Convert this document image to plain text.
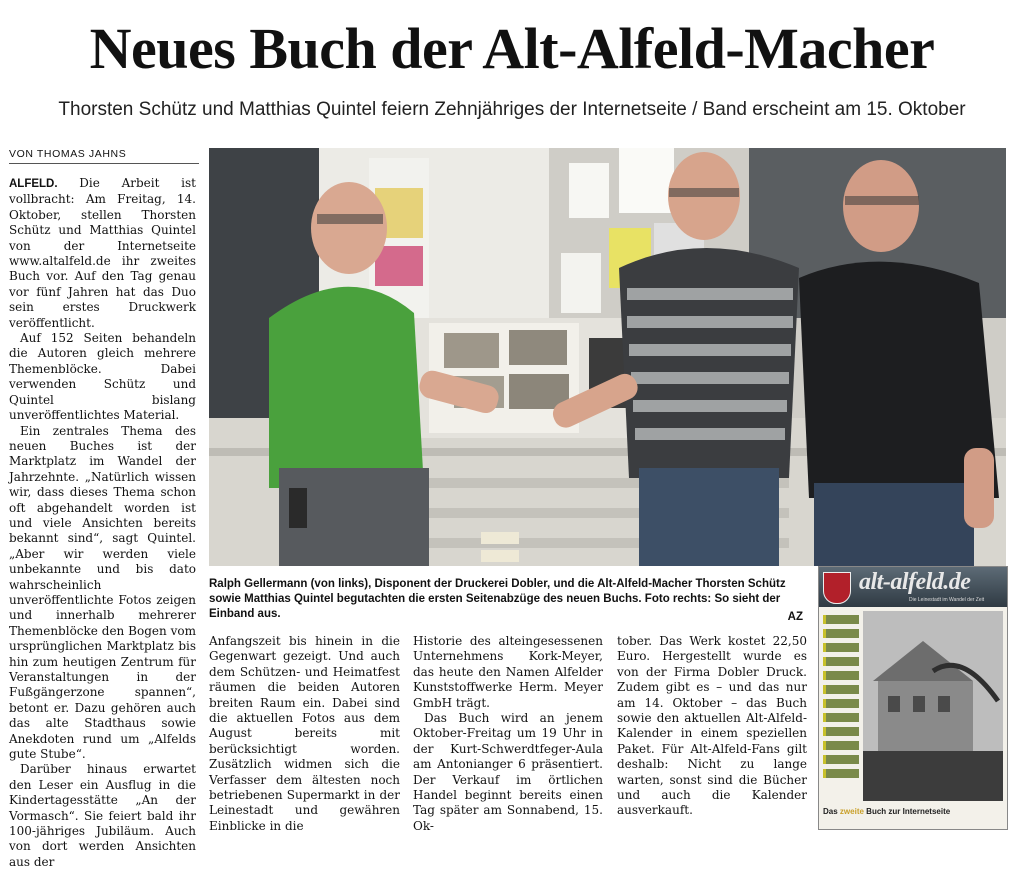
Neues Buch der Alt-Alfeld-Macher

Thorsten Schütz und Matthias Quintel feiern Zehnjähriges der Internetseite / Band erscheint am 15. Oktober

VON THOMAS JAHNS

ALFELD. Die Arbeit ist vollbracht: Am Freitag, 14. Oktober, stellen Thorsten Schütz und Matthias Quintel von der Internetseite www.altalfeld.de ihr zweites Buch vor. Auf den Tag genau vor fünf Jahren hat das Duo sein erstes Druckwerk veröffentlicht.

Auf 152 Seiten behandeln die Autoren gleich mehrere Themenblöcke. Dabei verwenden Schütz und Quintel bislang unveröffentlichtes Material.

Ein zentrales Thema des neuen Buches ist der Marktplatz im Wandel der Jahrzehnte. „Natürlich wissen wir, dass dieses Thema schon oft abgehandelt worden ist und viele Ansichten bereits bekannt sind“, sagt Quintel. „Aber wir werden viele unbekannte und bis dato wahrscheinlich unveröffentlichte Fotos zeigen und innerhalb mehrerer Themenblöcke den Bogen vom ursprünglichen Marktplatz bis hin zum heutigen Zentrum für Veranstaltungen in der Fußgängerzone spannen“, betont er. Dazu gehören auch das alte Stadthaus sowie Anekdoten rund um „Alfelds gute Stube“.

Darüber hinaus erwartet den Leser ein Ausflug in die Kindertagesstätte „An der Vormasch“. Sie feiert bald ihr 100-jähriges Jubiläum. Auch von dort werden Ansichten aus der

Ralph Gellermann (von links), Disponent der Druckerei Dobler, und die Alt-Alfeld-Macher Thorsten Schütz sowie Matthias Quintel begutachten die ersten Seitenabzüge des neuen Buchs. Foto rechts: So sieht der Einband aus.	AZ

Anfangszeit bis hinein in die Gegenwart gezeigt. Und auch dem Schützen- und Heimatfest räumen die beiden Autoren breiten Raum ein. Dabei sind die aktuellen Fotos aus dem August bereits mit berücksichtigt worden. Zusätzlich widmen sich die Verfasser dem ältesten noch betriebenen Supermarkt in der Leinestadt und gewähren Einblicke in die

Historie des alteingesessenen Unternehmens Kork-Meyer, das heute den Namen Alfelder Kunststoffwerke Herm. Meyer GmbH trägt.

Das Buch wird an jenem Oktober-Freitag um 19 Uhr in der Kurt-Schwerdtfeger-Aula am Antonianger 6 präsentiert. Der Verkauf im örtlichen Handel beginnt bereits einen Tag später am Sonnabend, 15. Ok-

tober. Das Werk kostet 22,50 Euro. Hergestellt wurde es von der Firma Dobler Druck. Zudem gibt es – und das nur am 14. Oktober – das Buch sowie den aktuellen Alt-Alfeld-Kalender in einem speziellen Paket. Für Alt-Alfeld-Fans gilt deshalb: Nicht zu lange warten, sonst sind die Bücher und auch die Kalender ausverkauft.

alt-alfeld.de
Die Leinestadt im Wandel der Zeit
Das zweite Buch zur Internetseite
